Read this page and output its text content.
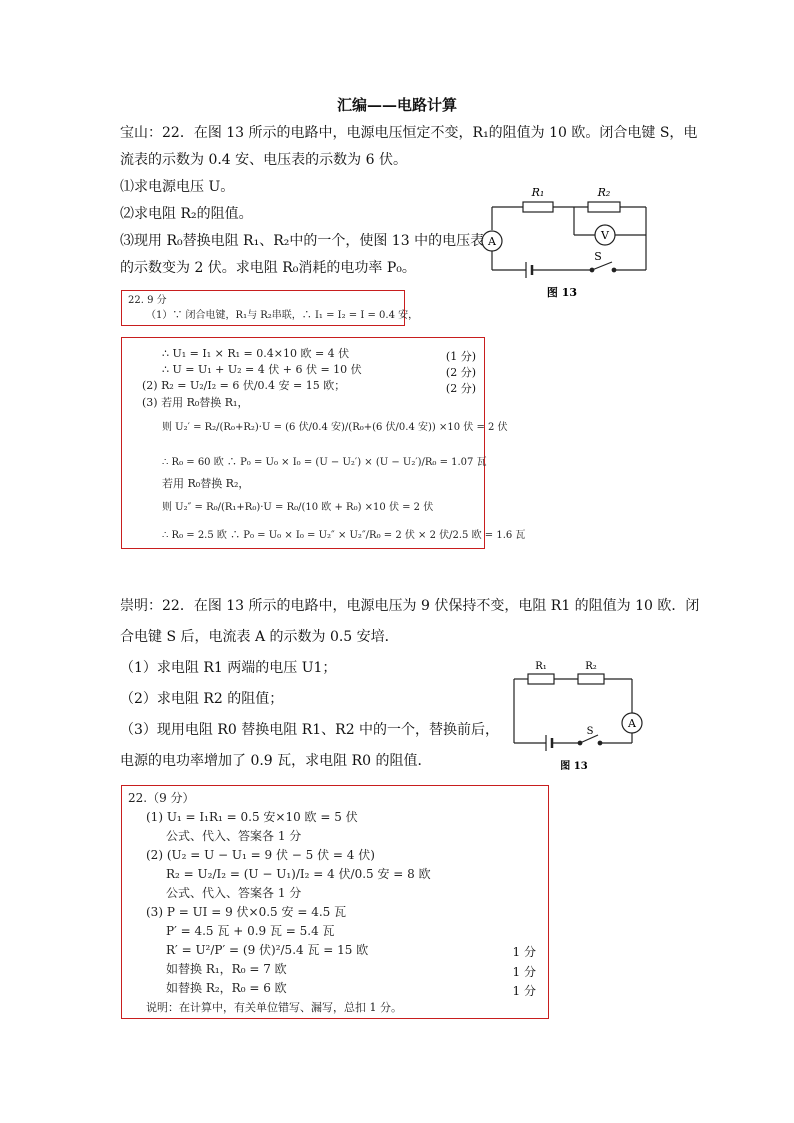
汇编——电路计算
宝山：22．在图 13 所示的电路中，电源电压恒定不变，R₁的阻值为 10 欧。闭合电键 S，电
流表的示数为 0.4 安、电压表的示数为 6 伏。
⑴求电源电压 U。
⑵求电阻 R₂的阻值。
⑶现用 R₀替换电阻 R₁、R₂中的一个，使图 13 中的电压表
的示数变为 2 伏。求电阻 R₀消耗的电功率 P₀。
R₁	R₂
A	V
S
图 13
22. 9 分
（1）∵ 闭合电键，R₁与 R₂串联，∴ I₁ = I₂ = I = 0.4 安，
∴ U₁ = I₁ × R₁ = 0.4×10 欧 = 4 伏	(1 分)
∴ U = U₁ + U₂ = 4 伏 + 6 伏 = 10 伏	(2 分)
(2) R₂ = U₂/I₂ = 6 伏/0.4 安 = 15 欧；	(2 分)
(3) 若用 R₀替换 R₁，
则 U₂′ = R₂/(R₀+R₂)·U = (6 伏/0.4 安)/(R₀+(6 伏/0.4 安)) ×10 伏 = 2 伏
∴ R₀ = 60 欧 ∴ P₀ = U₀ × I₀ = (U − U₂′) × (U − U₂′)/R₀ = 1.07 瓦
若用 R₀替换 R₂，
则 U₂″ = R₀/(R₁+R₀)·U = R₀/(10 欧 + R₀) ×10 伏 = 2 伏
∴ R₀ = 2.5 欧 ∴ P₀ = U₀ × I₀ = U₂″ × U₂″/R₀ = 2 伏 × 2 伏/2.5 欧 = 1.6 瓦
崇明：22．在图 13 所示的电路中，电源电压为 9 伏保持不变，电阻 R1 的阻值为 10 欧．闭
合电键 S 后，电流表 A 的示数为 0.5 安培．
（1）求电阻 R1 两端的电压 U1；
（2）求电阻 R2 的阻值；
（3）现用电阻 R0 替换电阻 R1、R2 中的一个，替换前后，
电源的电功率增加了 0.9 瓦，求电阻 R0 的阻值．
R₁	R₂
A
S
图 13
22.（9 分）
(1) U₁ = I₁R₁ = 0.5 安×10 欧 = 5 伏
公式、代入、答案各 1 分
(2) (U₂ = U − U₁ = 9 伏 − 5 伏 = 4 伏)
R₂ = U₂/I₂ = (U − U₁)/I₂ = 4 伏/0.5 安 = 8 欧
公式、代入、答案各 1 分
(3) P = UI = 9 伏×0.5 安 = 4.5 瓦
P′ = 4.5 瓦 + 0.9 瓦 = 5.4 瓦
R′ = U²/P′ = (9 伏)²/5.4 瓦 = 15 欧	1 分
如替换 R₁，R₀ = 7 欧	1 分
如替换 R₂，R₀ = 6 欧	1 分
说明：在计算中，有关单位错写、漏写，总扣 1 分。
